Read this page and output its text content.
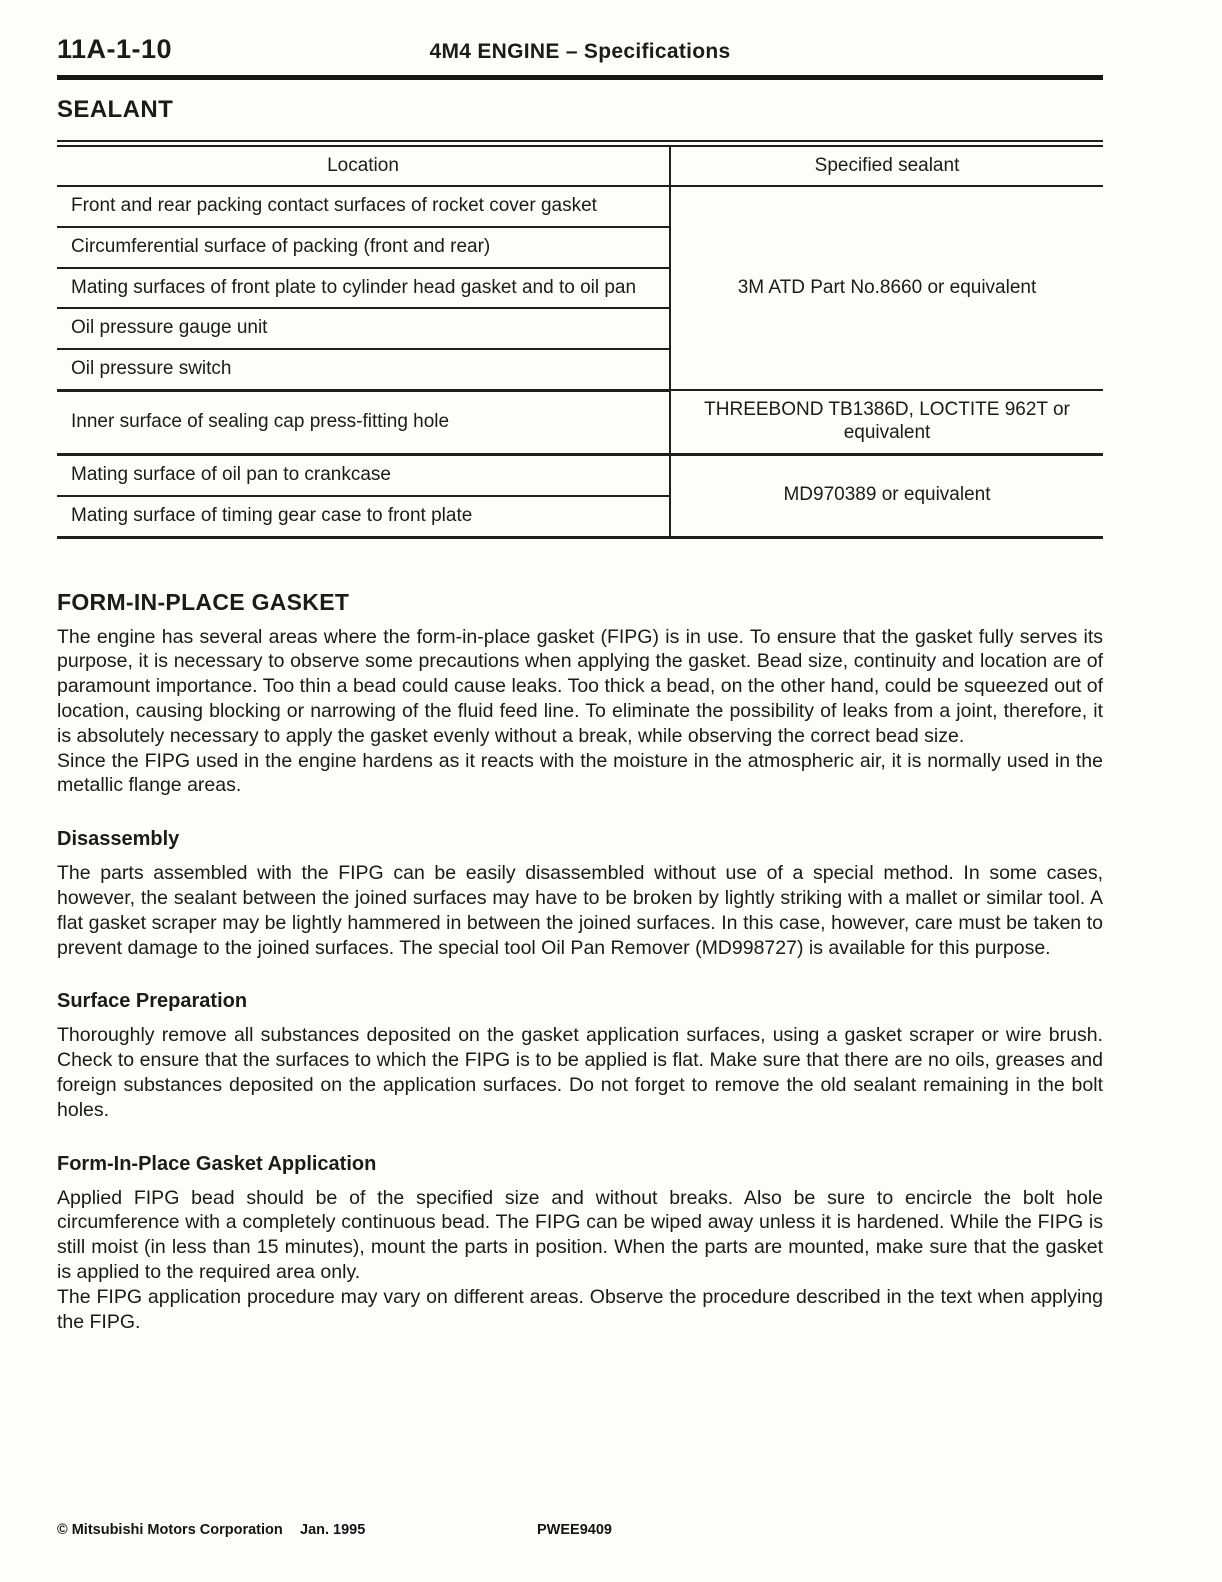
11A-1-10	4M4 ENGINE – Specifications
SEALANT
Location	Specified sealant
Front and rear packing contact surfaces of rocket cover gasket	3M ATD Part No.8660 or equivalent
Circumferential surface of packing (front and rear)	
Mating surfaces of front plate to cylinder head gasket and to oil pan	
Oil pressure gauge unit	
Oil pressure switch	
Inner surface of sealing cap press-fitting hole	THREEBOND TB1386D, LOCTITE 962T or equivalent
Mating surface of oil pan to crankcase	MD970389 or equivalent
Mating surface of timing gear case to front plate	
FORM-IN-PLACE GASKET

The engine has several areas where the form-in-place gasket (FIPG) is in use. To ensure that the gasket fully serves its purpose, it is necessary to observe some precautions when applying the gasket. Bead size, continuity and location are of paramount importance. Too thin a bead could cause leaks. Too thick a bead, on the other hand, could be squeezed out of location, causing blocking or narrowing of the fluid feed line. To eliminate the possibility of leaks from a joint, therefore, it is absolutely necessary to apply the gasket evenly without a break, while observing the correct bead size.

Since the FIPG used in the engine hardens as it reacts with the moisture in the atmospheric air, it is normally used in the metallic flange areas.

Disassembly

The parts assembled with the FIPG can be easily disassembled without use of a special method. In some cases, however, the sealant between the joined surfaces may have to be broken by lightly striking with a mallet or similar tool. A flat gasket scraper may be lightly hammered in between the joined surfaces. In this case, however, care must be taken to prevent damage to the joined surfaces. The special tool Oil Pan Remover (MD998727) is available for this purpose.

Surface Preparation

Thoroughly remove all substances deposited on the gasket application surfaces, using a gasket scraper or wire brush. Check to ensure that the surfaces to which the FIPG is to be applied is flat. Make sure that there are no oils, greases and foreign substances deposited on the application surfaces. Do not forget to remove the old sealant remaining in the bolt holes.

Form-In-Place Gasket Application

Applied FIPG bead should be of the specified size and without breaks. Also be sure to encircle the bolt hole circumference with a completely continuous bead. The FIPG can be wiped away unless it is hardened. While the FIPG is still moist (in less than 15 minutes), mount the parts in position. When the parts are mounted, make sure that the gasket is applied to the required area only.

The FIPG application procedure may vary on different areas. Observe the procedure described in the text when applying the FIPG.

© Mitsubishi Motors Corporation Jan. 1995	PWEE9409
